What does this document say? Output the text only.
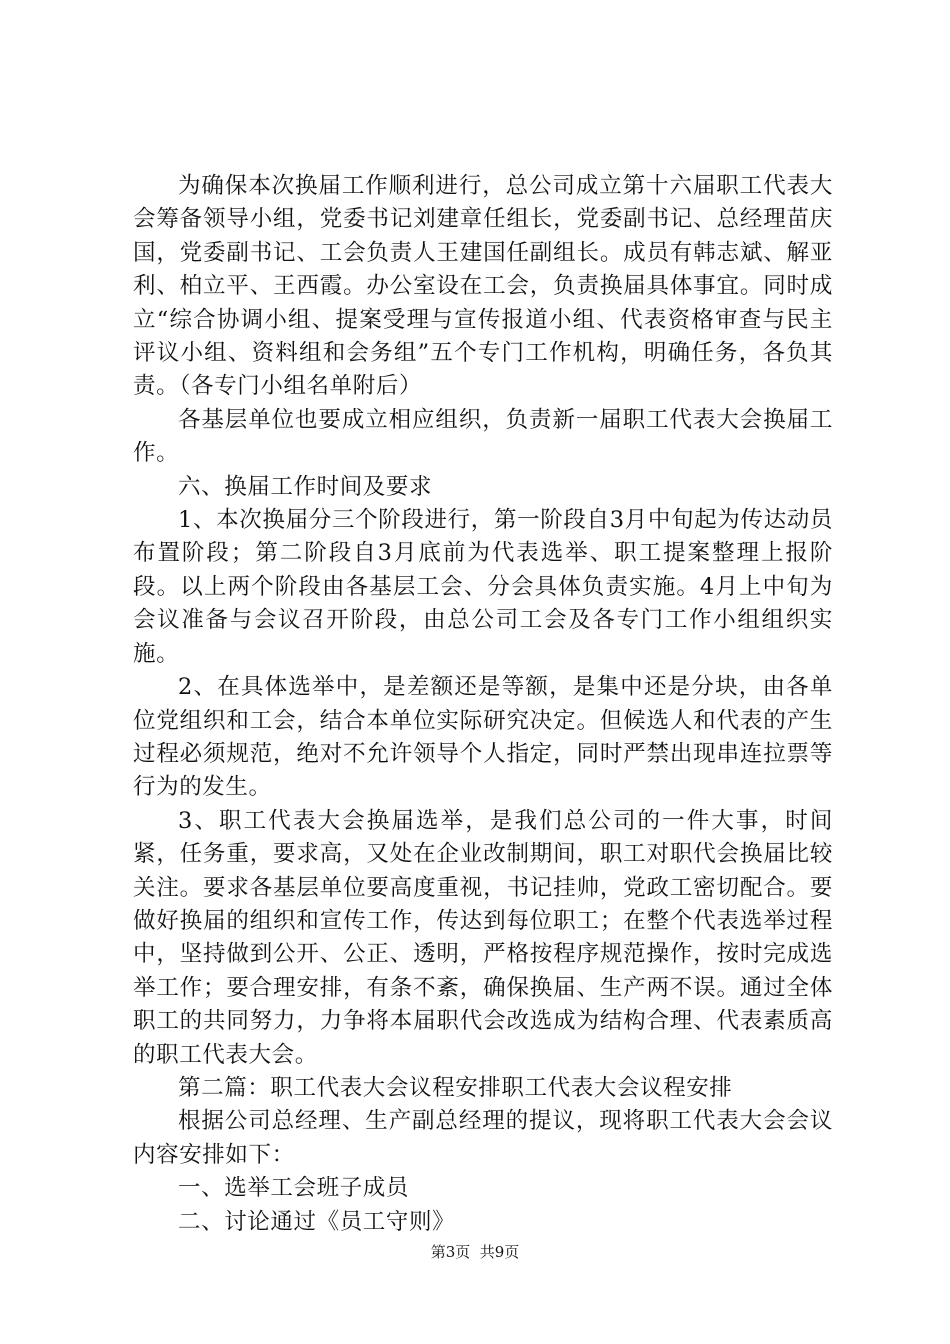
为确保本次换届工作顺利进行，总公司成立第十六届职工代表大会筹备领导小组，党委书记刘建章任组长，党委副书记、总经理苗庆国，党委副书记、工会负责人王建国任副组长。成员有韩志斌、解亚利、柏立平、王西霞。办公室设在工会，负责换届具体事宜。同时成立“综合协调小组、提案受理与宣传报道小组、代表资格审查与民主评议小组、资料组和会务组”五个专门工作机构，明确任务，各负其责。（各专门小组名单附后）

各基层单位也要成立相应组织，负责新一届职工代表大会换届工作。

六、换届工作时间及要求

1、本次换届分三个阶段进行，第一阶段自3月中旬起为传达动员布置阶段；第二阶段自3月底前为代表选举、职工提案整理上报阶段。以上两个阶段由各基层工会、分会具体负责实施。4月上中旬为会议准备与会议召开阶段，由总公司工会及各专门工作小组组织实施。

2、在具体选举中，是差额还是等额，是集中还是分块，由各单位党组织和工会，结合本单位实际研究决定。但候选人和代表的产生过程必须规范，绝对不允许领导个人指定，同时严禁出现串连拉票等行为的发生。

3、职工代表大会换届选举，是我们总公司的一件大事，时间紧，任务重，要求高，又处在企业改制期间，职工对职代会换届比较关注。要求各基层单位要高度重视，书记挂帅，党政工密切配合。要做好换届的组织和宣传工作，传达到每位职工；在整个代表选举过程中，坚持做到公开、公正、透明，严格按程序规范操作，按时完成选举工作；要合理安排，有条不紊，确保换届、生产两不误。通过全体职工的共同努力，力争将本届职代会改选成为结构合理、代表素质高的职工代表大会。

第二篇：职工代表大会议程安排职工代表大会议程安排

根据公司总经理、生产副总经理的提议，现将职工代表大会会议内容安排如下：

一、选举工会班子成员

二、讨论通过《员工守则》

第3页  共9页
